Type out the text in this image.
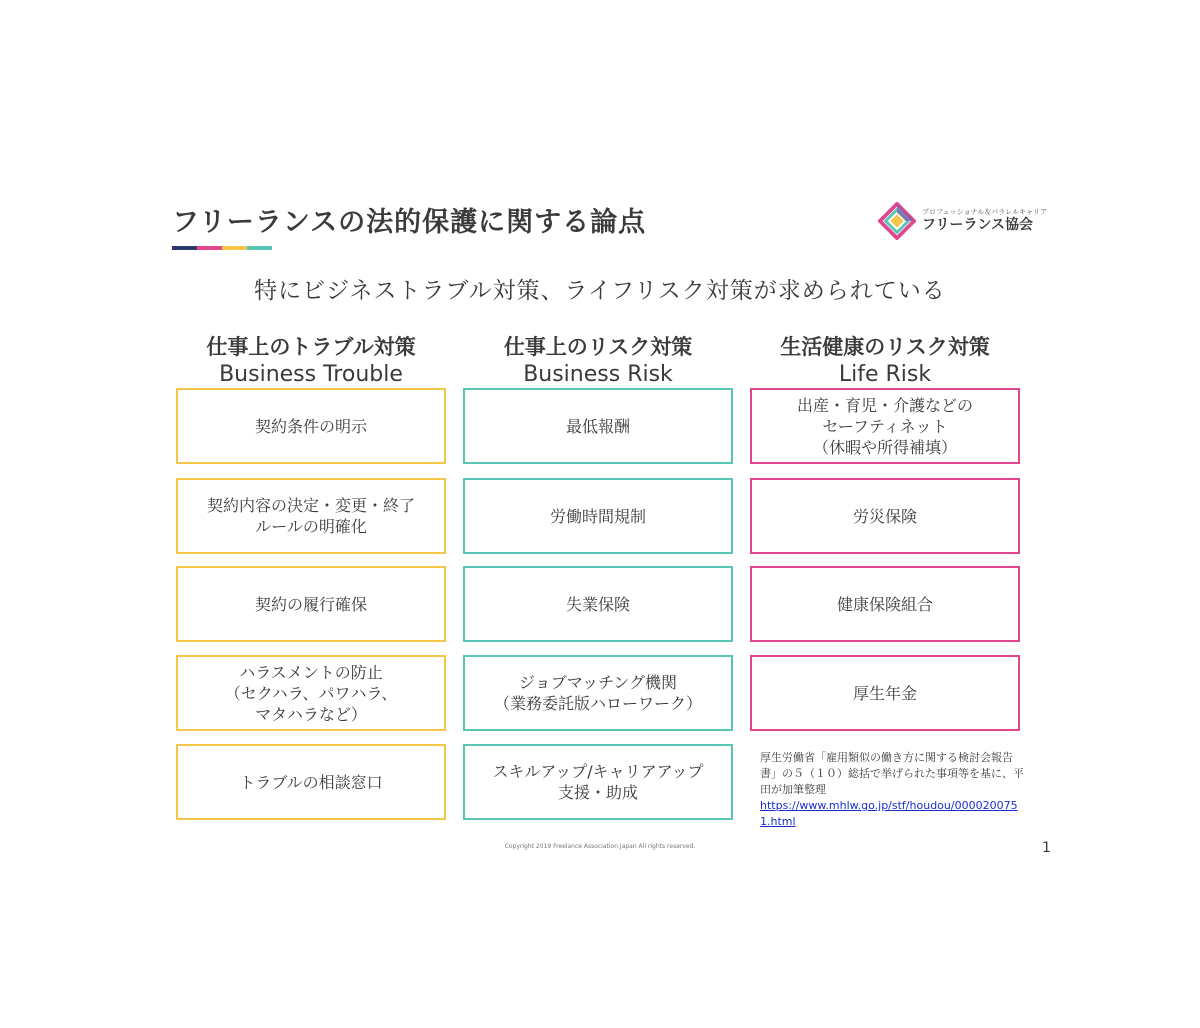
フリーランスの法的保護に関する論点	プロフェッショナル＆パラレルキャリア
フリーランス協会
特にビジネストラブル対策、ライフリスク対策が求められている
仕事上のトラブル対策
Business Trouble
仕事上のリスク対策
Business Risk
生活健康のリスク対策
Life Risk
契約条件の明示
契約内容の決定・変更・終了
ルールの明確化
契約の履行確保
ハラスメントの防止
（セクハラ、パワハラ、
マタハラなど）
トラブルの相談窓口
最低報酬
労働時間規制
失業保険
ジョブマッチング機関
（業務委託版ハローワーク）
スキルアップ/キャリアアップ
支援・助成
出産・育児・介護などの
セーフティネット
（休暇や所得補填）
労災保険
健康保険組合
厚生年金
厚生労働省「雇用類似の働き方に関する検討会報告書」の５（１０）総括で挙げられた事項等を基に、平田が加筆整理
https://www.mhlw.go.jp/stf/houdou/0000200751.html
Copyright 2019 Freelance Association Japan All rights reserved.	1
